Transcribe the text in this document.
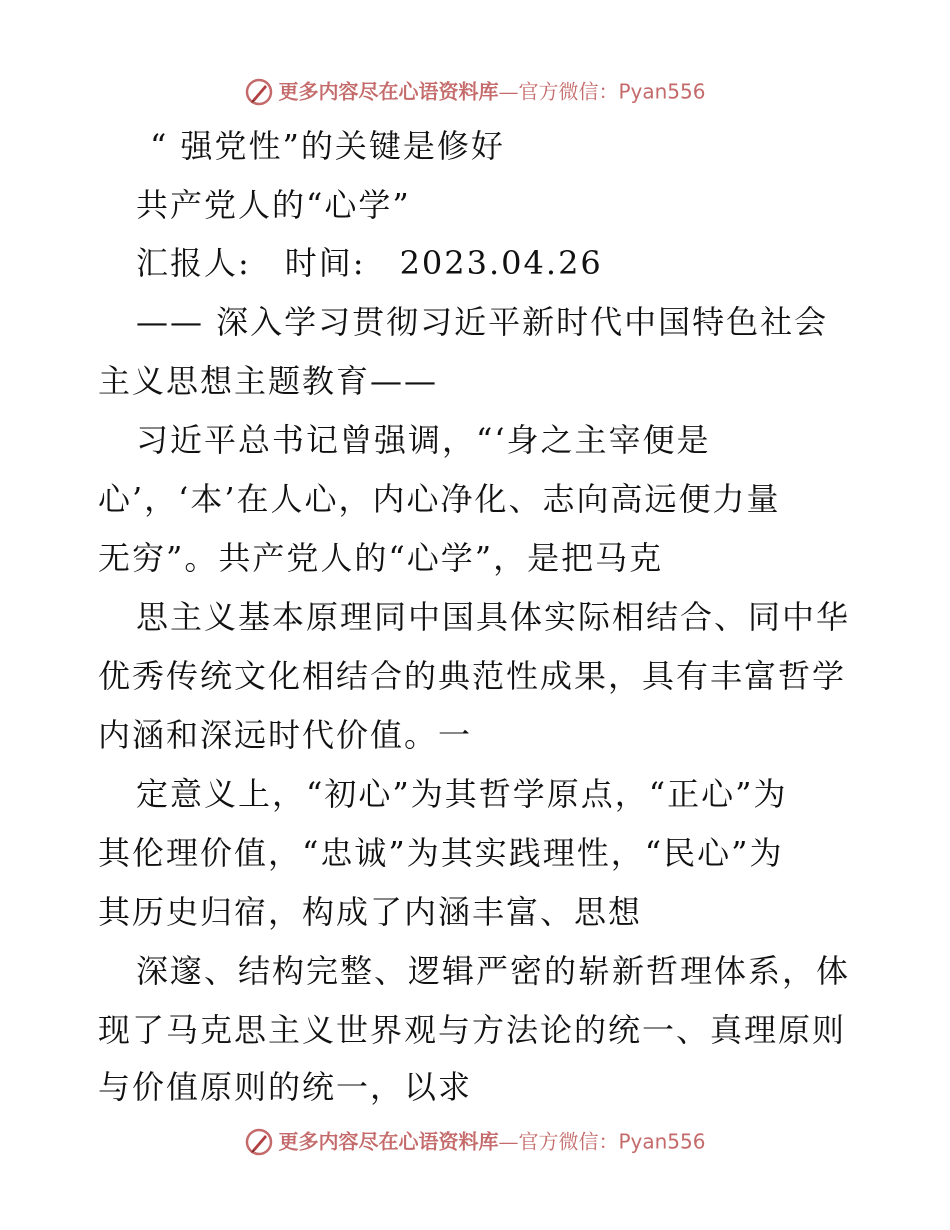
更多内容尽在心语资料库—官方微信：Pyan556
“ 强党性”的关键是修好
共产党人的“心学”
汇报人:　时间:　2023.04.26
—— 深入学习贯彻习近平新时代中国特色社会
主义思想主题教育——
习近平总书记曾强调，“‘身之主宰便是
心’，‘本’在人心，内心净化、志向高远便力量
无穷”。共产党人的“心学”，是把马克
思主义基本原理同中国具体实际相结合、同中华
优秀传统文化相结合的典范性成果，具有丰富哲学
内涵和深远时代价值。一
定意义上，“初心”为其哲学原点，“正心”为
其伦理价值，“忠诚”为其实践理性，“民心”为
其历史归宿，构成了内涵丰富、思想
深邃、结构完整、逻辑严密的崭新哲理体系，体
现了马克思主义世界观与方法论的统一、真理原则
与价值原则的统一，以求
更多内容尽在心语资料库—官方微信：Pyan556
